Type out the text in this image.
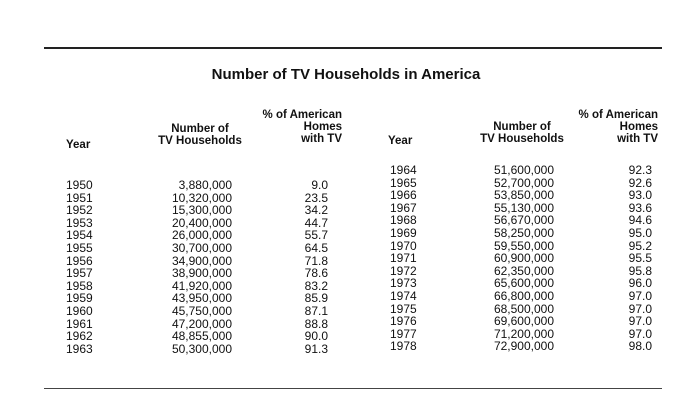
Number of TV Households in America
Year
Number of
TV Households
% of American
Homes
with TV	Year
Number of
TV Households
% of American
Homes
with TV
1950
1951
1952
1953
1954
1955
1956
1957
1958
1959
1960
1961
1962
1963
3,880,000
10,320,000
15,300,000
20,400,000
26,000,000
30,700,000
34,900,000
38,900,000
41,920,000
43,950,000
45,750,000
47,200,000
48,855,000
50,300,000
9.0
23.5
34.2
44.7
55.7
64.5
71.8
78.6
83.2
85.9
87.1
88.8
90.0
91.3
1964
1965
1966
1967
1968
1969
1970
1971
1972
1973
1974
1975
1976
1977
1978
51,600,000
52,700,000
53,850,000
55,130,000
56,670,000
58,250,000
59,550,000
60,900,000
62,350,000
65,600,000
66,800,000
68,500,000
69,600,000
71,200,000
72,900,000
92.3
92.6
93.0
93.6
94.6
95.0
95.2
95.5
95.8
96.0
97.0
97.0
97.0
97.0
98.0
